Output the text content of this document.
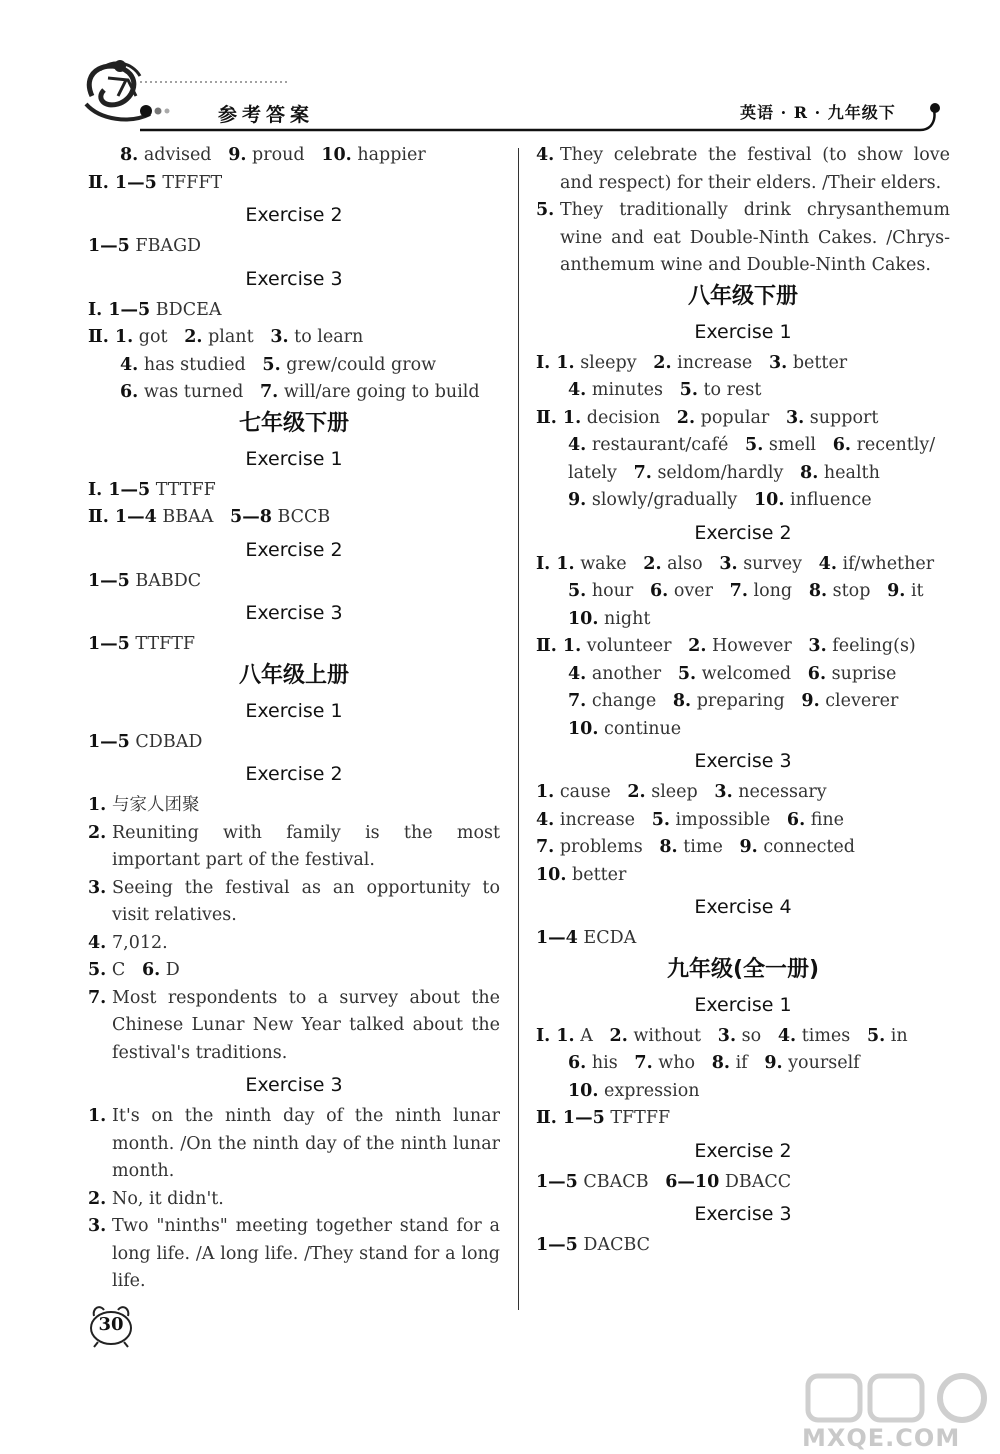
参考答案	英语 · R · 九年级下
8. advised   9. proud   10. happier
Ⅱ. 1—5 TFFFT
Exercise 2
1—5 FBAGD
Exercise 3
Ⅰ. 1—5 BDCEA
Ⅱ. 1. got   2. plant   3. to learn
4. has studied   5. grew/could grow
6. was turned   7. will/are going to build
七年级下册
Exercise 1
Ⅰ. 1—5 TTTFF
Ⅱ. 1—4 BBAA   5—8 BCCB
Exercise 2
1—5 BABDC
Exercise 3
1—5 TTFTF
八年级上册
Exercise 1
1—5 CDBAD
Exercise 2
1. 与家人团聚
2. Reuniting with family is the most important part of the festival.
3. Seeing the festival as an opportunity to visit relatives.
4. 7,012.
5. C   6. D
7. Most respondents to a survey about the Chinese Lunar New Year talked about the festival's traditions.
Exercise 3
1. It's on the ninth day of the ninth lunar month. /On the ninth day of the ninth lunar month.
2. No, it didn't.
3. Two "ninths" meeting together stand for a long life. /A long life. /They stand for a long life.
4. They celebrate the festival (to show love and respect) for their elders. /Their elders.
5. They traditionally drink chrysanthemum wine and eat Double-Ninth Cakes. /Chrys-anthemum wine and Double-Ninth Cakes.
八年级下册
Exercise 1
Ⅰ. 1. sleepy   2. increase   3. better
4. minutes   5. to rest
Ⅱ. 1. decision   2. popular   3. support
4. restaurant/café   5. smell   6. recently/
lately   7. seldom/hardly   8. health
9. slowly/gradually   10. influence
Exercise 2
Ⅰ. 1. wake   2. also   3. survey   4. if/whether
5. hour   6. over   7. long   8. stop   9. it
10. night
Ⅱ. 1. volunteer   2. However   3. feeling(s)
4. another   5. welcomed   6. suprise
7. change   8. preparing   9. cleverer
10. continue
Exercise 3
1. cause   2. sleep   3. necessary
4. increase   5. impossible   6. fine
7. problems   8. time   9. connected
10. better
Exercise 4
1—4 ECDA
九年级(全一册)
Exercise 1
Ⅰ. 1. A   2. without   3. so   4. times   5. in
6. his   7. who   8. if   9. yourself
10. expression
Ⅱ. 1—5 TFTFF
Exercise 2
1—5 CBACB   6—10 DBACC
Exercise 3
1—5 DACBC
30
MXQE.COM
